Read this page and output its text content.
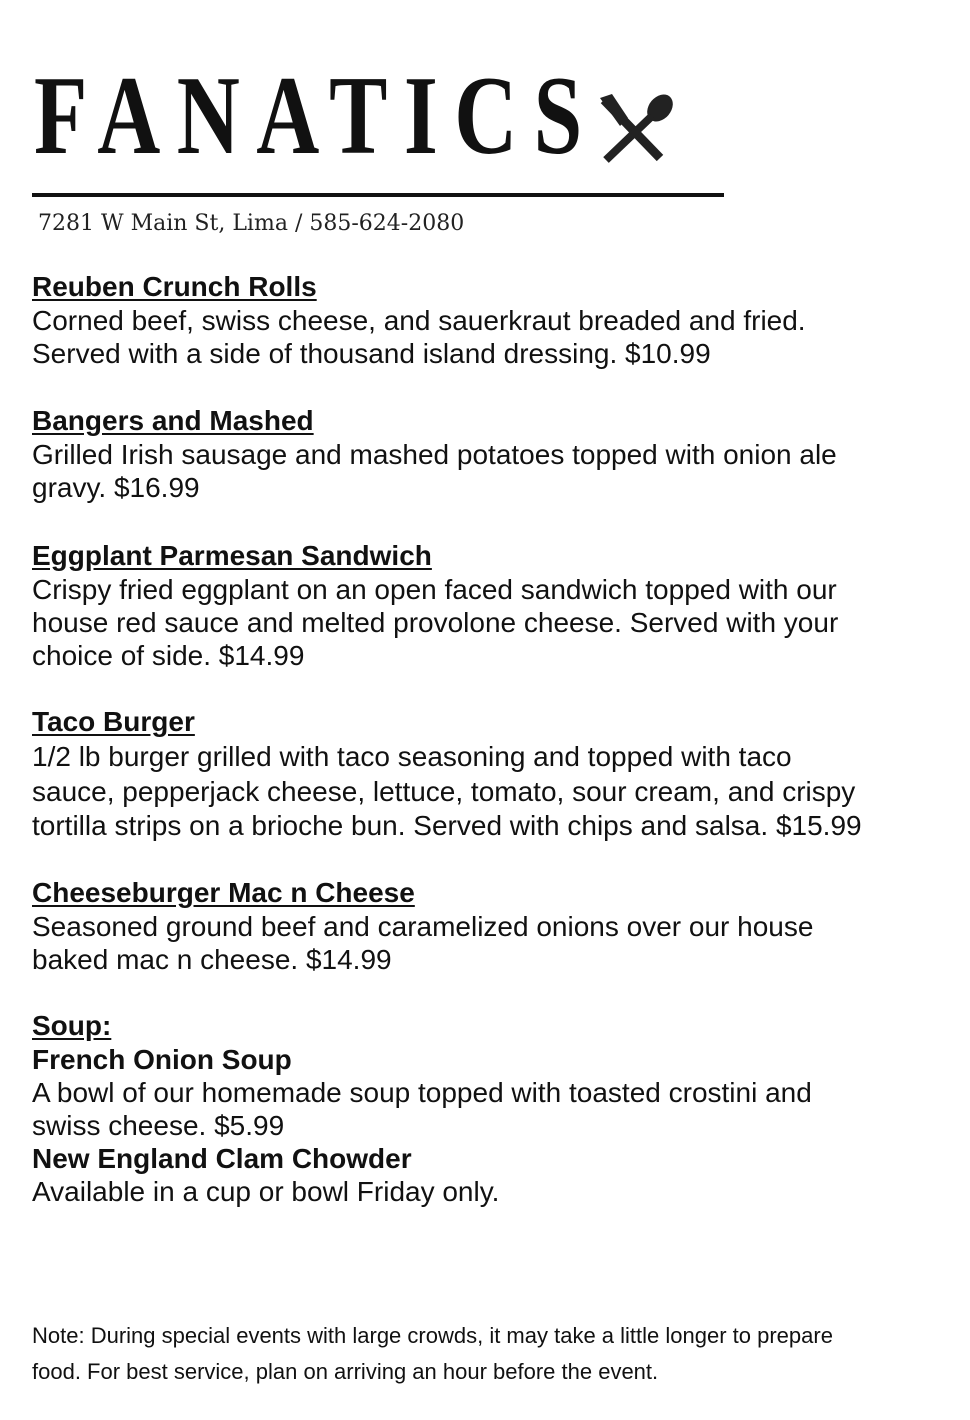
FANATICS
7281 W Main St, Lima / 585-624-2080
Reuben Crunch Rolls
Corned beef, swiss cheese, and sauerkraut breaded and fried.
Served with a side of thousand island dressing. $10.99
Bangers and Mashed
Grilled Irish sausage and mashed potatoes topped with onion ale
gravy. $16.99
Eggplant Parmesan Sandwich
Crispy fried eggplant on an open faced sandwich topped with our
house red sauce and melted provolone cheese. Served with your
choice of side. $14.99
Taco Burger
1/2 lb burger grilled with taco seasoning and topped with taco
sauce, pepperjack cheese, lettuce, tomato, sour cream, and crispy
tortilla strips on a brioche bun. Served with chips and salsa. $15.99
Cheeseburger Mac n Cheese
Seasoned ground beef and caramelized onions over our house
baked mac n cheese. $14.99
Soup:
French Onion Soup
A bowl of our homemade soup topped with toasted crostini and
swiss cheese. $5.99
New England Clam Chowder
Available in a cup or bowl Friday only.
Note: During special events with large crowds, it may take a little longer to prepare
food. For best service, plan on arriving an hour before the event.
